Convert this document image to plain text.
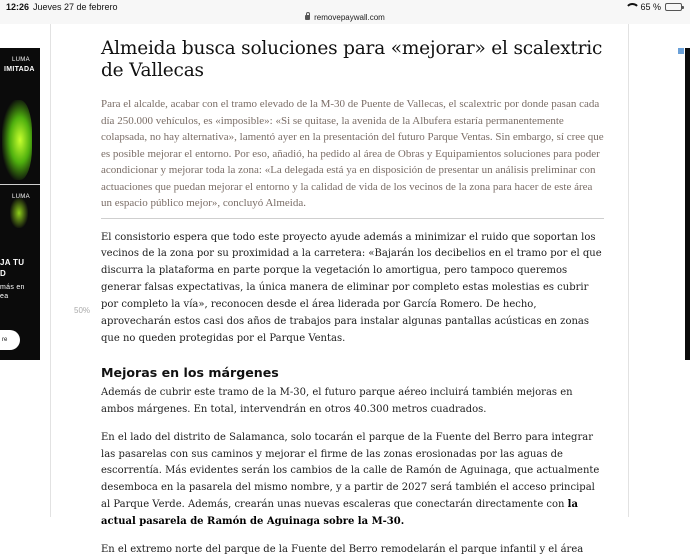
12:26 Jueves 27 de febrero	65 %
removepaywall.com
LUMA
IMITADA
LUMA
JA TU
D
más en
ea
re
50%
Almeida busca soluciones para «mejorar» el scalextric de Vallecas

Para el alcalde, acabar con el tramo elevado de la M-30 de Puente de Vallecas, el scalextric por donde pasan cada día 250.000 vehículos, es «imposible»: «Si se quitase, la avenida de la Albufera estaría permanentemente colapsada, no hay alternativa», lamentó ayer en la presentación del futuro Parque Ventas. Sin embargo, sí cree que es posible mejorar el entorno. Por eso, añadió, ha pedido al área de Obras y Equipamientos soluciones para poder acondicionar y mejorar toda la zona: «La delegada está ya en disposición de presentar un análisis preliminar con actuaciones que puedan mejorar el entorno y la calidad de vida de los vecinos de la zona para hacer de este área un espacio público mejor», concluyó Almeida.

El consistorio espera que todo este proyecto ayude además a minimizar el ruido que soportan los vecinos de la zona por su proximidad a la carretera: «Bajarán los decibelios en el tramo por el que discurra la plataforma en parte porque la vegetación lo amortigua, pero tampoco queremos generar falsas expectativas, la única manera de eliminar por completo estas molestias es cubrir por completo la vía», reconocen desde el área liderada por García Romero. De hecho, aprovecharán estos casi dos años de trabajos para instalar algunas pantallas acústicas en zonas que no queden protegidas por el Parque Ventas.

Mejoras en los márgenes

Además de cubrir este tramo de la M-30, el futuro parque aéreo incluirá también mejoras en ambos márgenes. En total, intervendrán en otros 40.300 metros cuadrados.

En el lado del distrito de Salamanca, solo tocarán el parque de la Fuente del Berro para integrar las pasarelas con sus caminos y mejorar el firme de las zonas erosionadas por las aguas de escorrentía. Más evidentes serán los cambios de la calle de Ramón de Aguinaga, que actualmente desemboca en la pasarela del mismo nombre, y a partir de 2027 será también el acceso principal al Parque Verde. Además, crearán unas nuevas escaleras que conectarán directamente con la actual pasarela de Ramón de Aguinaga sobre la M-30.

En el extremo norte del parque de la Fuente del Berro remodelarán el parque infantil y el área
